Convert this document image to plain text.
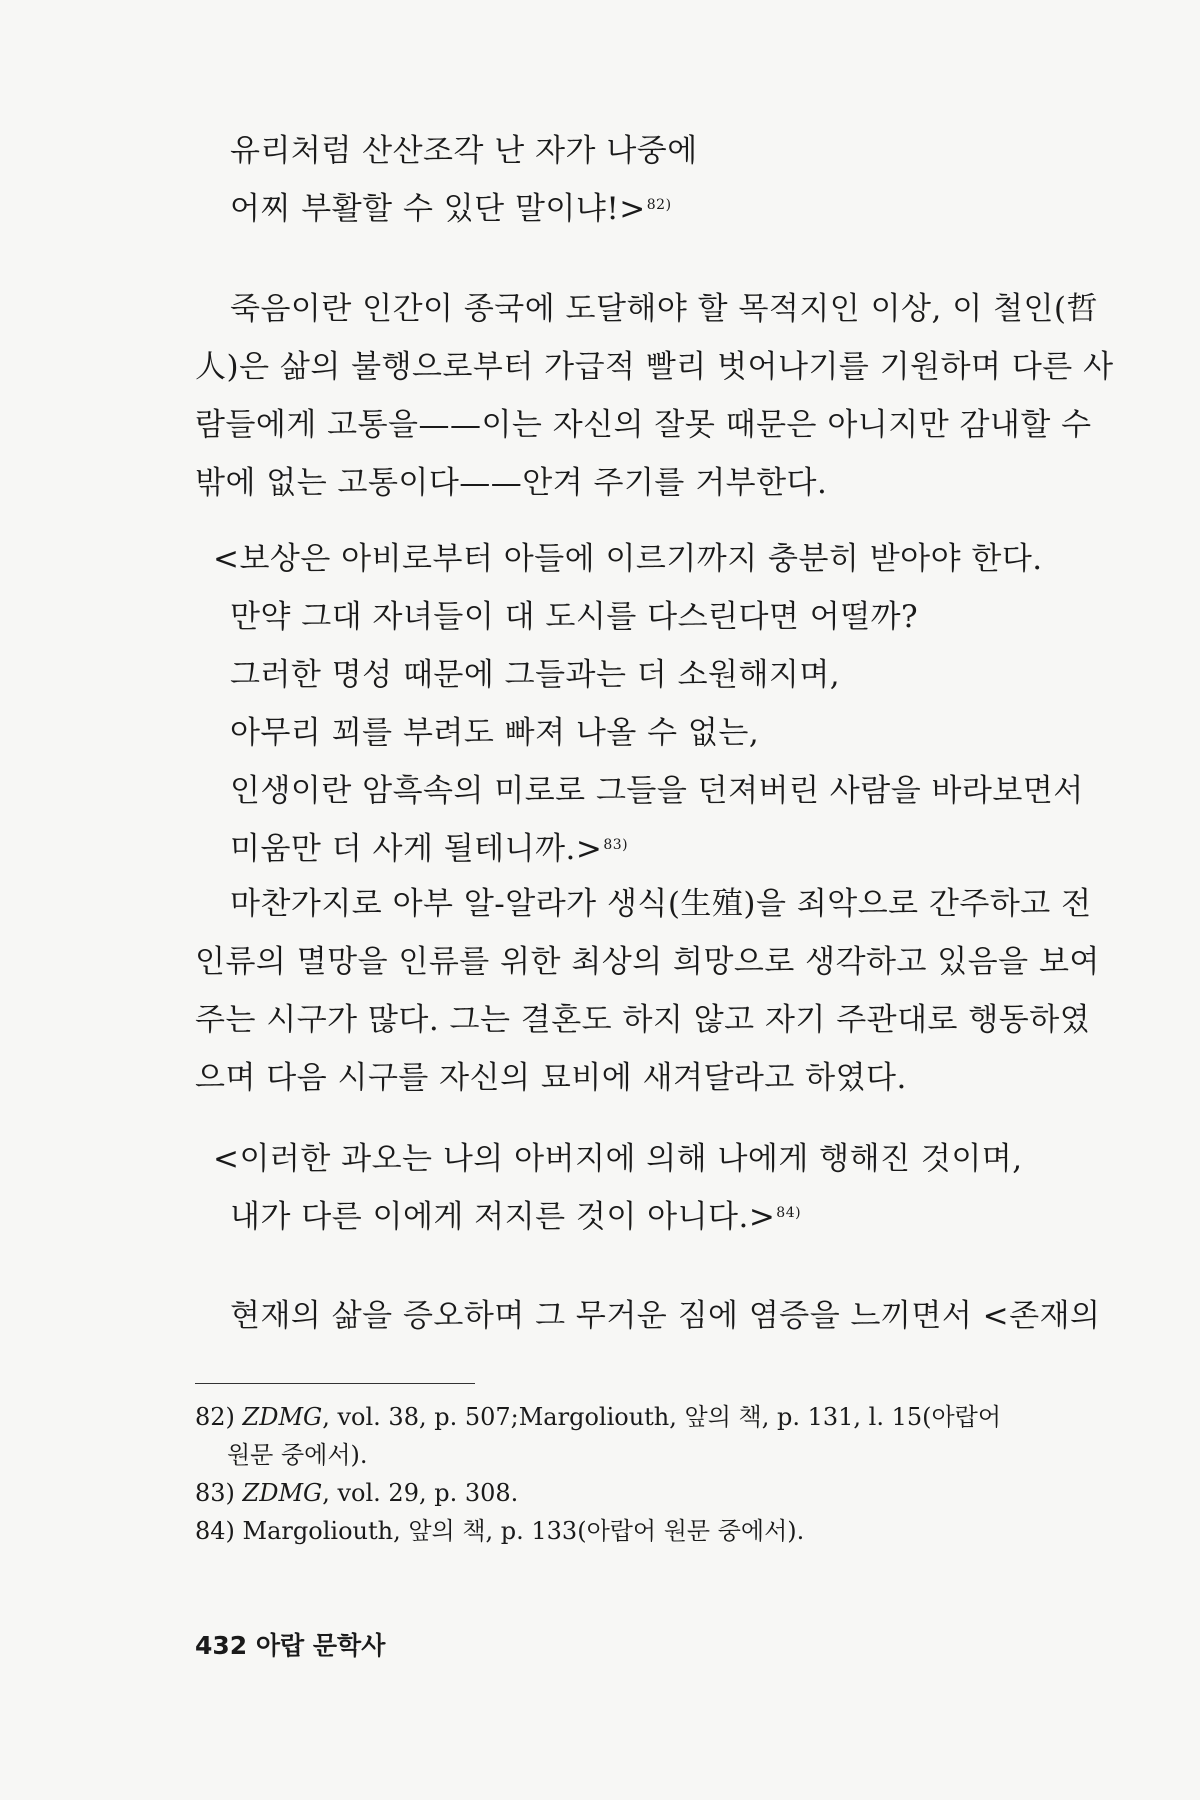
유리처럼 산산조각 난 자가 나중에
어찌 부활할 수 있단 말이냐!>$^{82)}$
죽음이란 인간이 종국에 도달해야 할 목적지인 이상, 이 철인(哲
人)은 삶의 불행으로부터 가급적 빨리 벗어나기를 기원하며 다른 사
람들에게 고통을——이는 자신의 잘못 때문은 아니지만 감내할 수
밖에 없는 고통이다——안겨 주기를 거부한다.
<보상은 아비로부터 아들에 이르기까지 충분히 받아야 한다.
만약 그대 자녀들이 대 도시를 다스린다면 어떨까?
그러한 명성 때문에 그들과는 더 소원해지며,
아무리 꾀를 부려도 빠져 나올 수 없는,
인생이란 암흑속의 미로로 그들을 던져버린 사람을 바라보면서
미움만 더 사게 될테니까.>$^{83)}$
마찬가지로 아부 알-알라가 생식(生殖)을 죄악으로 간주하고 전
인류의 멸망을 인류를 위한 최상의 희망으로 생각하고 있음을 보여
주는 시구가 많다. 그는 결혼도 하지 않고 자기 주관대로 행동하였
으며 다음 시구를 자신의 묘비에 새겨달라고 하였다.
<이러한 과오는 나의 아버지에 의해 나에게 행해진 것이며,
내가 다른 이에게 저지른 것이 아니다.>$^{84)}$
현재의 삶을 증오하며 그 무거운 짐에 염증을 느끼면서 <존재의
82) ZDMG, vol. 38, p. 507;Margoliouth, 앞의 책, p. 131, l. 15(아랍어
원문 중에서).
83) ZDMG, vol. 29, p. 308.
84) Margoliouth, 앞의 책, p. 133(아랍어 원문 중에서).
432 아랍 문학사
